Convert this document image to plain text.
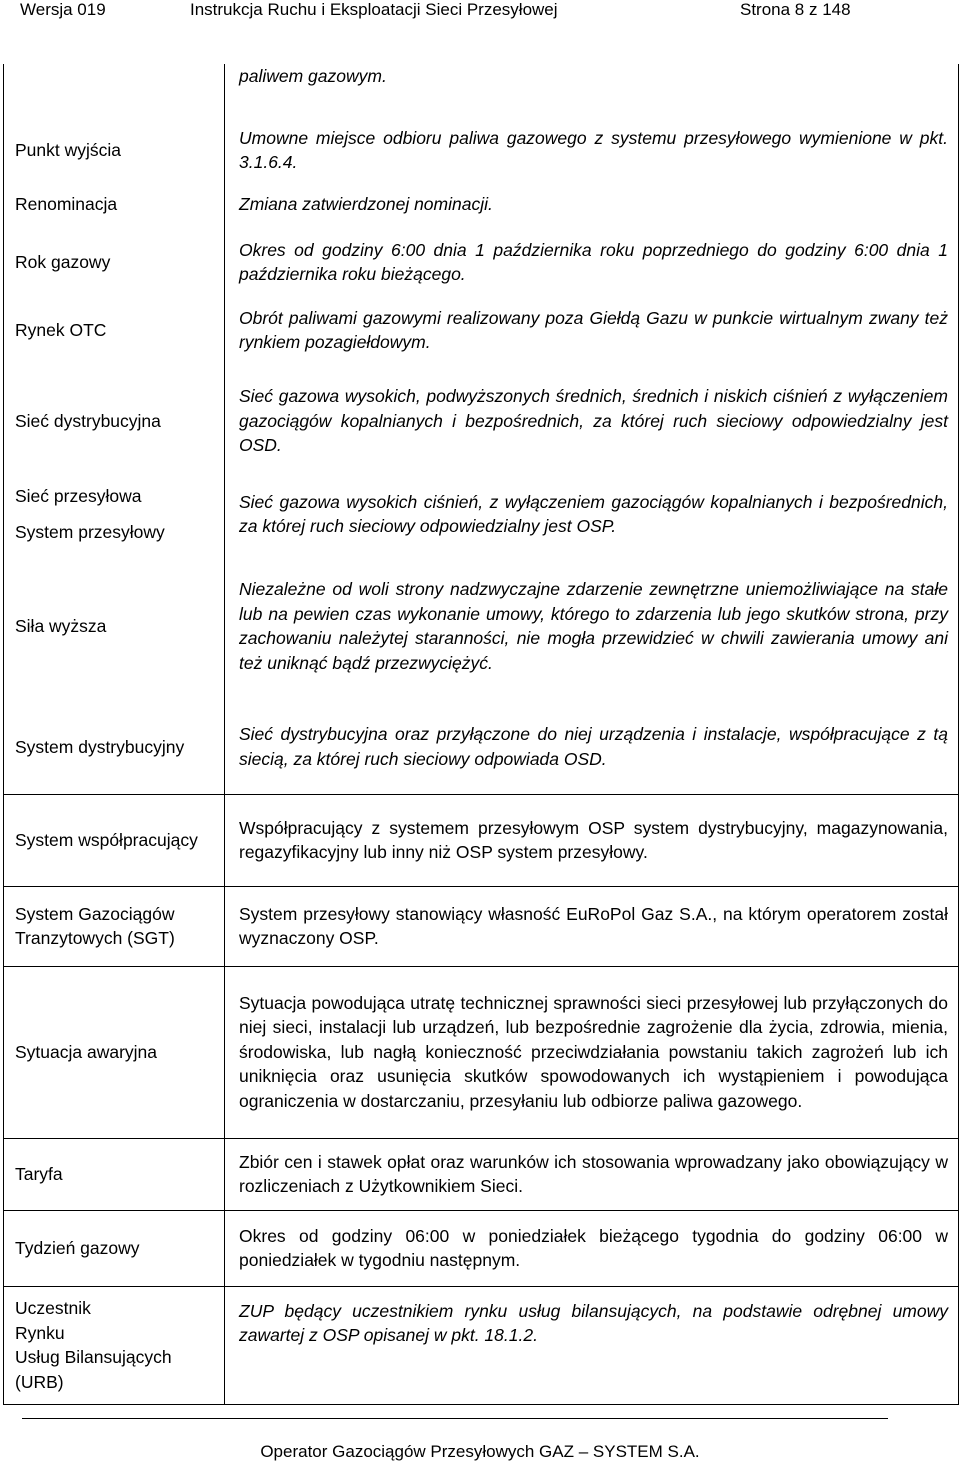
Wersja 019	Instrukcja Ruchu i Eksploatacji Sieci Przesyłowej	Strona 8 z 148
	paliwem gazowym.
Punkt wyjścia	Umowne miejsce odbioru paliwa gazowego z systemu przesyłowego wymienione w pkt. 3.1.6.4.
Renominacja	Zmiana zatwierdzonej nominacji.
Rok gazowy	Okres od godziny 6:00 dnia 1 października roku poprzedniego do godziny 6:00 dnia 1 października roku bieżącego.
Rynek OTC	Obrót paliwami gazowymi realizowany poza Giełdą Gazu w punkcie wirtualnym zwany też rynkiem pozagiełdowym.
Sieć dystrybucyjna	Sieć gazowa wysokich, podwyższonych średnich, średnich i niskich ciśnień z wyłączeniem gazociągów kopalnianych i bezpośrednich, za której ruch sieciowy odpowiedzialny jest OSD.

Sieć przesyłowa
System przesyłowy	Sieć gazowa wysokich ciśnień, z wyłączeniem gazociągów kopalnianych i bezpośrednich, za której ruch sieciowy odpowiedzialny jest OSP.
Siła wyższa	Niezależne od woli strony nadzwyczajne zdarzenie zewnętrzne uniemożliwiające na stałe lub na pewien czas wykonanie umowy, którego to zdarzenia lub jego skutków strona, przy zachowaniu należytej staranności, nie mogła przewidzieć w chwili zawierania umowy ani też uniknąć bądź przezwyciężyć.
System dystrybucyjny	Sieć dystrybucyjna oraz przyłączone do niej urządzenia i instalacje, współpracujące z tą siecią, za której ruch sieciowy odpowiada OSD.
System współpracujący	Współpracujący z systemem przesyłowym OSP system dystrybucyjny, magazynowania, regazyfikacyjny lub inny niż OSP system przesyłowy.
System Gazociągów Tranzytowych (SGT)	System przesyłowy stanowiący własność EuRoPol Gaz S.A., na którym operatorem został wyznaczony OSP.
Sytuacja awaryjna	Sytuacja powodująca utratę technicznej sprawności sieci przesyłowej lub przyłączonych do niej sieci, instalacji lub urządzeń, lub bezpośrednie zagrożenie dla życia, zdrowia, mienia, środowiska, lub nagłą konieczność przeciwdziałania powstaniu takich zagrożeń lub ich uniknięcia oraz usunięcia skutków spowodowanych ich wystąpieniem i powodująca ograniczenia w dostarczaniu, przesyłaniu lub odbiorze paliwa gazowego.
Taryfa	Zbiór cen i stawek opłat oraz warunków ich stosowania wprowadzany jako obowiązujący w rozliczeniach z Użytkownikiem Sieci.
Tydzień gazowy	Okres od godziny 06:00 w poniedziałek bieżącego tygodnia do godziny 06:00 w poniedziałek w tygodniu następnym.
Uczestnik
Rynku
Usług Bilansujących
(URB)	ZUP będący uczestnikiem rynku usług bilansujących, na podstawie odrębnej umowy zawartej z OSP opisanej w pkt. 18.1.2.
Operator Gazociągów Przesyłowych GAZ – SYSTEM S.A.
